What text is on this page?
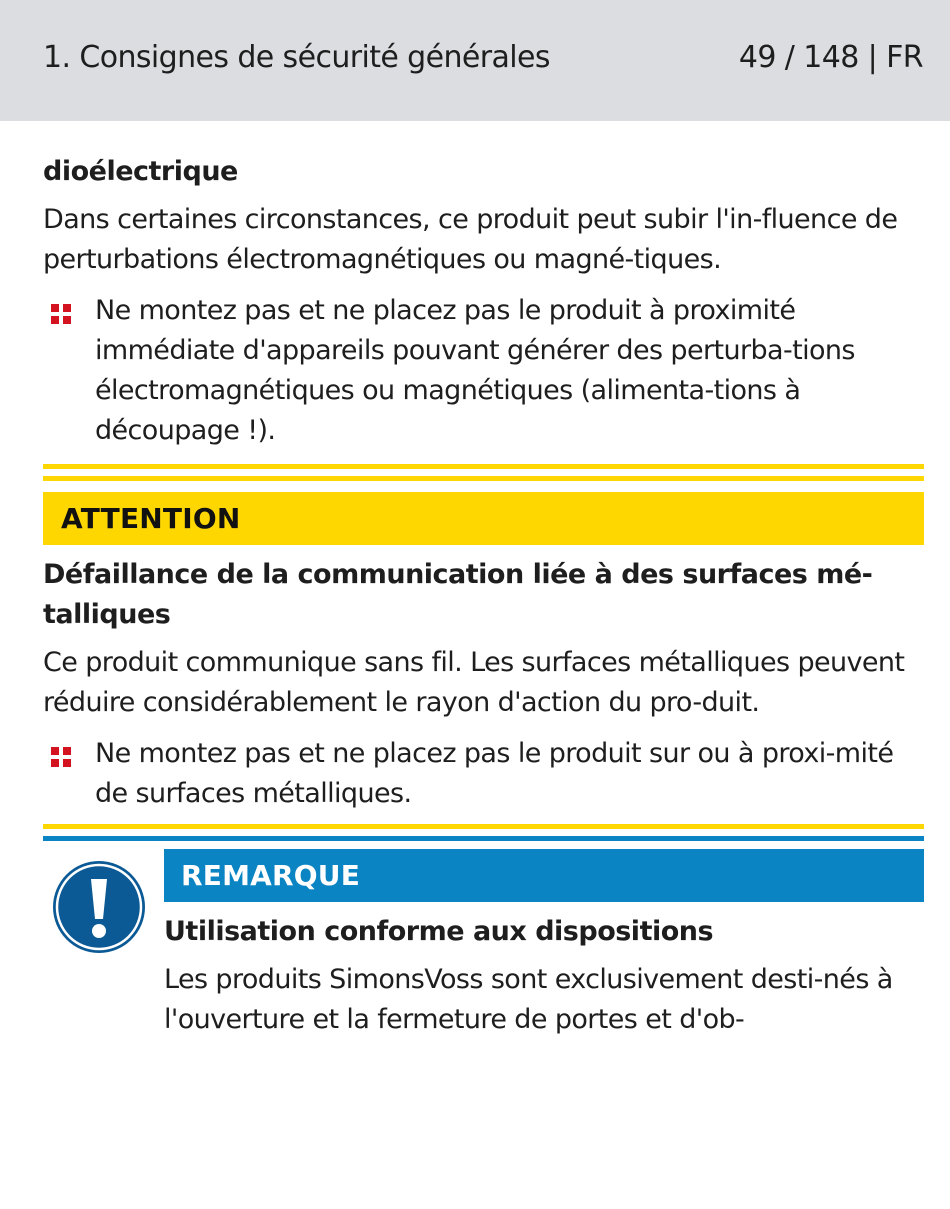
1. Consignes de sécurité générales	49 / 148 | FR

dioélectrique

Dans certaines circonstances, ce produit peut subir l'in-fluence de perturbations électromagnétiques ou magné-tiques.

Ne montez pas et ne placez pas le produit à proximité immédiate d'appareils pouvant générer des perturba-tions électromagnétiques ou magnétiques (alimenta-tions à découpage !).
ATTENTION

Défaillance de la communication liée à des surfaces mé-talliques

Ce produit communique sans fil. Les surfaces métalliques peuvent réduire considérablement le rayon d'action du pro-duit.

Ne montez pas et ne placez pas le produit sur ou à proxi-mité de surfaces métalliques.
REMARQUE

Utilisation conforme aux dispositions

Les produits SimonsVoss sont exclusivement desti-nés à l'ouverture et la fermeture de portes et d'ob-
